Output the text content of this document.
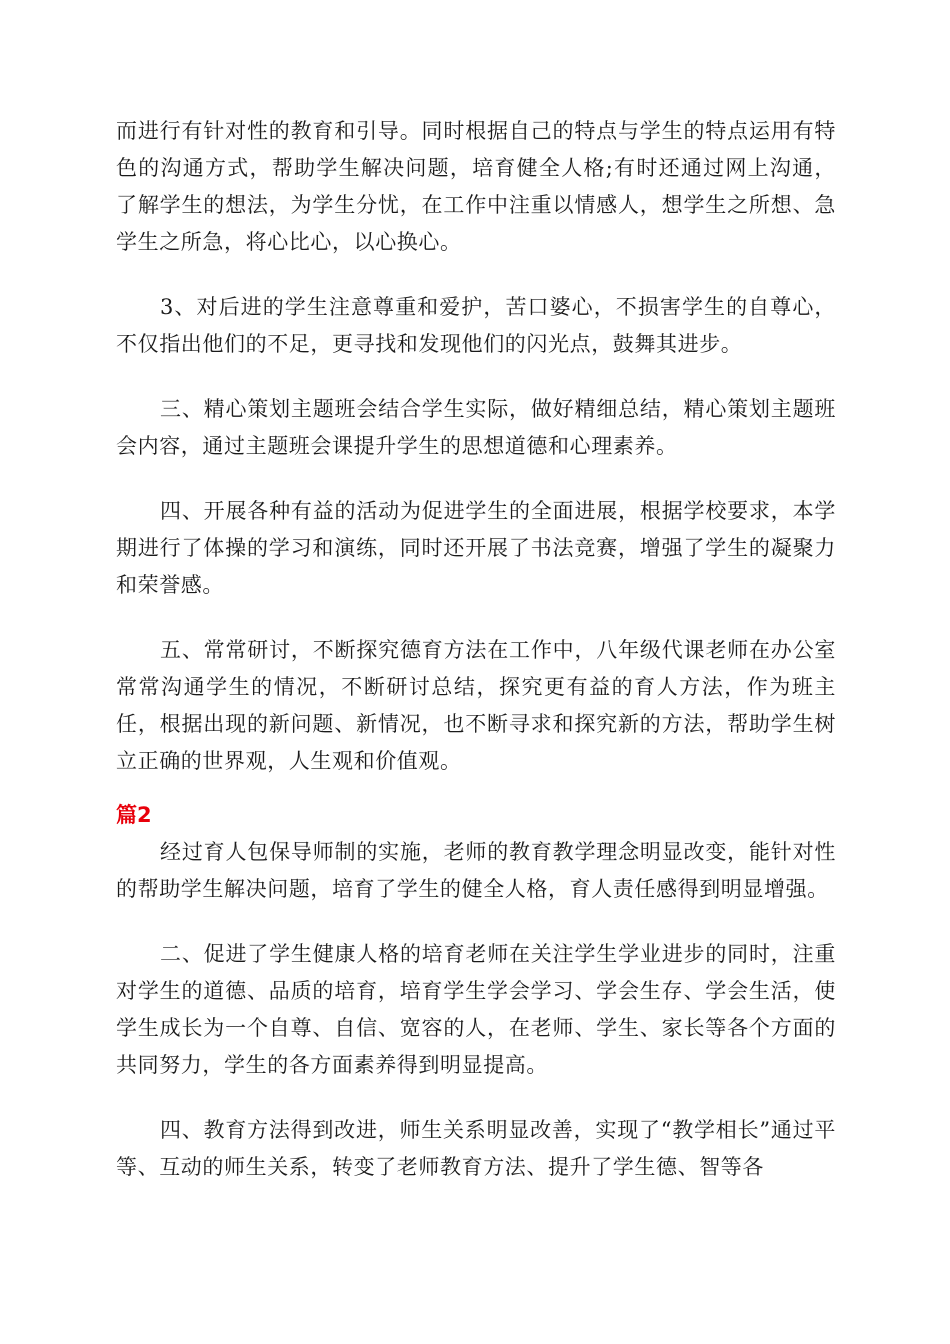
而进行有针对性的教育和引导。同时根据自己的特点与学生的特点运用有特色的沟通方式，帮助学生解决问题，培育健全人格;有时还通过网上沟通，了解学生的想法，为学生分忧，在工作中注重以情感人，想学生之所想、急学生之所急，将心比心，以心换心。

3、对后进的学生注意尊重和爱护，苦口婆心，不损害学生的自尊心，不仅指出他们的不足，更寻找和发现他们的闪光点，鼓舞其进步。

三、精心策划主题班会结合学生实际，做好精细总结，精心策划主题班会内容，通过主题班会课提升学生的思想道德和心理素养。

四、开展各种有益的活动为促进学生的全面进展，根据学校要求，本学期进行了体操的学习和演练，同时还开展了书法竞赛，增强了学生的凝聚力和荣誉感。

五、常常研讨，不断探究德育方法在工作中，八年级代课老师在办公室常常沟通学生的情况，不断研讨总结，探究更有益的育人方法，作为班主任，根据出现的新问题、新情况，也不断寻求和探究新的方法，帮助学生树立正确的世界观，人生观和价值观。

篇2

经过育人包保导师制的实施，老师的教育教学理念明显改变，能针对性的帮助学生解决问题，培育了学生的健全人格，育人责任感得到明显增强。

二、促进了学生健康人格的培育老师在关注学生学业进步的同时，注重对学生的道德、品质的培育，培育学生学会学习、学会生存、学会生活，使学生成长为一个自尊、自信、宽容的人，在老师、学生、家长等各个方面的共同努力，学生的各方面素养得到明显提高。

四、教育方法得到改进，师生关系明显改善，实现了“教学相长”通过平等、互动的师生关系，转变了老师教育方法、提升了学生德、智等各
